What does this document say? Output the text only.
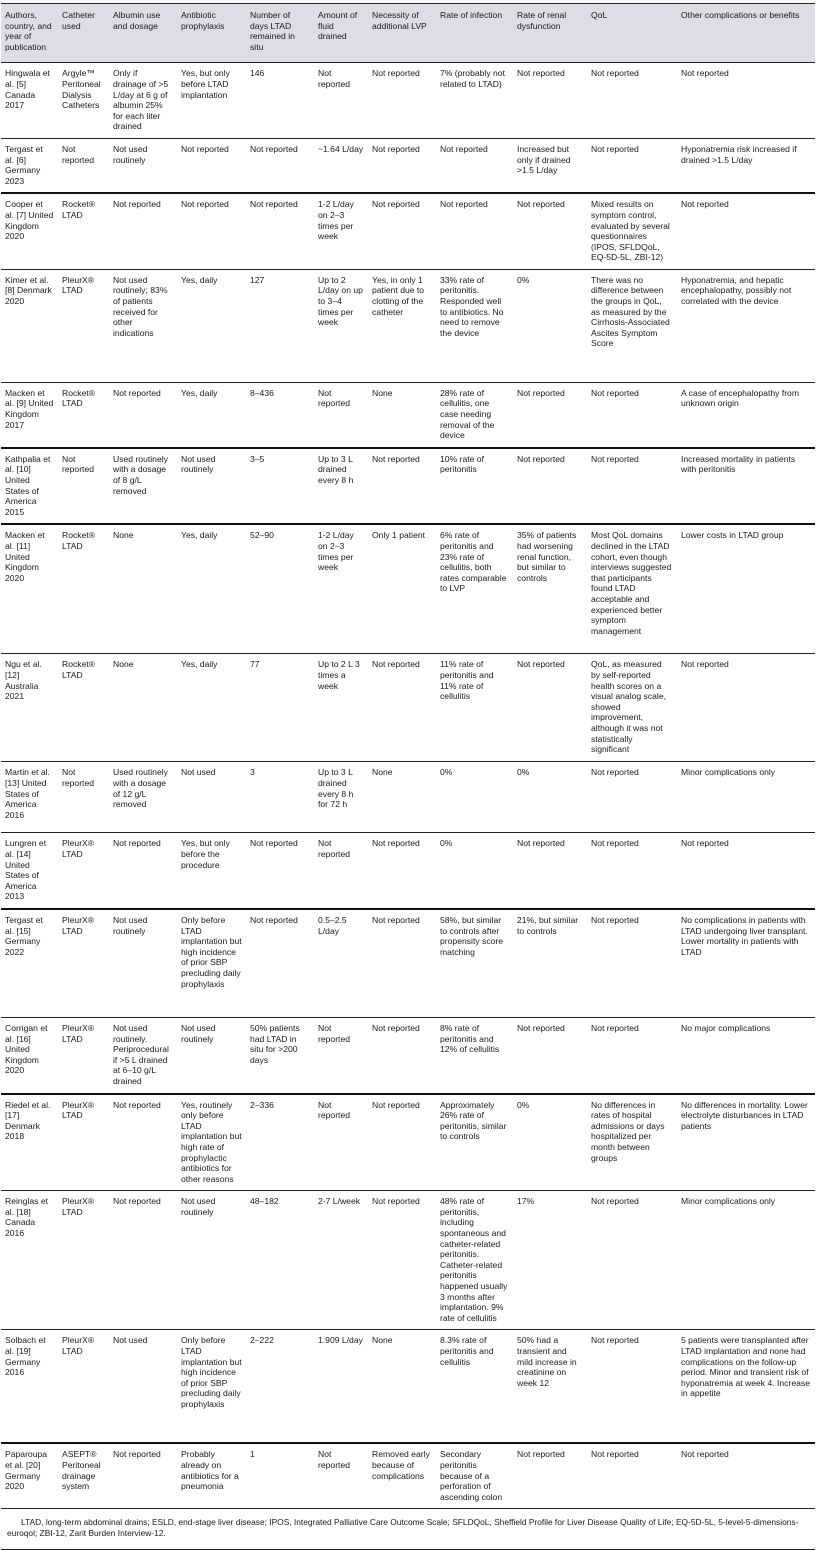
Authors, country, and year of publication	Catheter used	Albumin use and dosage	Antibiotic prophylaxis	Number of days LTAD remained in situ	Amount of fluid drained	Necessity of additional LVP	Rate of infection	Rate of renal dysfunction	QoL	Other complications or benefits
Hingwala et al. [5] Canada 2017	Argyle™ Peritoneal Dialysis Catheters	Only if drainage of >5 L/day at 6 g of albumin 25% for each liter drained	Yes, but only before LTAD implantation	146	Not reported	Not reported	7% (probably not related to LTAD)	Not reported	Not reported	Not reported
Tergast et al. [6] Germany 2023	Not reported	Not used routinely	Not reported	Not reported	~1.64 L/day	Not reported	Not reported	Increased but only if drained >1.5 L/day	Not reported	Hyponatremia risk increased if drained >1.5 L/day
Cooper et al. [7] United Kingdom 2020	Rocket® LTAD	Not reported	Not reported	Not reported	1-2 L/day on 2–3 times per week	Not reported	Not reported	Not reported	Mixed results on symptom control, evaluated by several questionnaires (IPOS, SFLDQoL, EQ-5D-5L, ZBI-12)	Not reported
Kimer et al. [8] Denmark 2020	PleurX® LTAD	Not used routinely; 83% of patients received for other indications	Yes, daily	127	Up to 2 L/day on up to 3–4 times per week	Yes, in only 1 patient due to clotting of the catheter	33% rate of peritonitis. Responded well to antibiotics. No need to remove the device	0%	There was no difference between the groups in QoL, as measured by the Cirrhosis-Associated Ascites Symptom Score	Hyponatremia, and hepatic encephalopathy, possibly not correlated with the device
Macken et al. [9] United Kingdom 2017	Rocket® LTAD	Not reported	Yes, daily	8–436	Not reported	None	28% rate of cellulitis, one case needing removal of the device	Not reported	Not reported	A case of encephalopathy from unknown origin
Kathpalia et al. [10] United States of America 2015	Not reported	Used routinely with a dosage of 8 g/L removed	Not used routinely	3–5	Up to 3 L drained every 8 h	Not reported	10% rate of peritonitis	Not reported	Not reported	Increased mortality in patients with peritonitis
Macken et al. [11] United Kingdom 2020	Rocket® LTAD	None	Yes, daily	52–90	1-2 L/day on 2–3 times per week	Only 1 patient	6% rate of peritonitis and 23% rate of cellulitis, both rates comparable to LVP	35% of patients had worsening renal function, but similar to controls	Most QoL domains declined in the LTAD cohort, even though interviews suggested that participants found LTAD acceptable and experienced better symptom management	Lower costs in LTAD group
Ngu et al. [12] Australia 2021	Rocket® LTAD	None	Yes, daily	77	Up to 2 L 3 times a week	Not reported	11% rate of peritonitis and 11% rate of cellulitis	Not reported	QoL, as measured by self-reported health scores on a visual analog scale, showed improvement, although it was not statistically significant	Not reported
Martin et al. [13] United States of America 2016	Not reported	Used routinely with a dosage of 12 g/L removed	Not used	3	Up to 3 L drained every 8 h for 72 h	None	0%	0%	Not reported	Minor complications only
Lungren et al. [14] United States of America 2013	PleurX® LTAD	Not reported	Yes, but only before the procedure	Not reported	Not reported	Not reported	0%	Not reported	Not reported	Not reported
Tergast et al. [15] Germany 2022	PleurX® LTAD	Not used routinely	Only before LTAD implantation but high incidence of prior SBP precluding daily prophylaxis	Not reported	0.5–2.5 L/day	Not reported	58%, but similar to controls after propensity score matching	21%, but similar to controls	Not reported	No complications in patients with LTAD undergoing liver transplant. Lower mortality in patients with LTAD
Corrigan et al. [16] United Kingdom 2020	PleurX® LTAD	Not used routinely. Periprocedural if >5 L drained at 6–10 g/L drained	Not used routinely	50% patients had LTAD in situ for >200 days	Not reported	Not reported	8% rate of peritonitis and 12% of cellulitis	Not reported	Not reported	No major complications
Riedel et al. [17] Denmark 2018	PleurX® LTAD	Not reported	Yes, routinely only before LTAD implantation but high rate of prophylactic antibiotics for other reasons	2–336	Not reported	Not reported	Approximately 26% rate of peritonitis, similar to controls	0%	No differences in rates of hospital admissions or days hospitalized per month between groups	No differences in mortality. Lower electrolyte disturbances in LTAD patients
Reinglas et al. [18] Canada 2016	PleurX® LTAD	Not reported	Not used routinely	48–182	2-7 L/week	Not reported	48% rate of peritonitis, including spontaneous and catheter-related peritonitis. Catheter-related peritonitis happened usually 3 months after implantation. 9% rate of cellulitis	17%	Not reported	Minor complications only
Solbach et al. [19] Germany 2016	PleurX® LTAD	Not used	Only before LTAD implantation but high incidence of prior SBP precluding daily prophylaxis	2–222	1.909 L/day	None	8.3% rate of peritonitis and cellulitis	50% had a transient and mild increase in creatinine on week 12	Not reported	5 patients were transplanted after LTAD implantation and none had complications on the follow-up period. Minor and transient risk of hyponatremia at week 4. Increase in appetite
Paparoupa et al. [20] Germany 2020	ASEPT® Peritoneal drainage system	Not reported	Probably already on antibiotics for a pneumonia	1	Not reported	Removed early because of complications	Secondary peritonitis because of a perforation of ascending colon	Not reported	Not reported	Not reported
LTAD, long-term abdominal drains; ESLD, end-stage liver disease; IPOS, Integrated Palliative Care Outcome Scale; SFLDQoL, Sheffield Profile for Liver Disease Quality of Life; EQ-5D-5L, 5-level-5-dimensions-euroqol; ZBI-12, Zarit Burden Interview-12.
